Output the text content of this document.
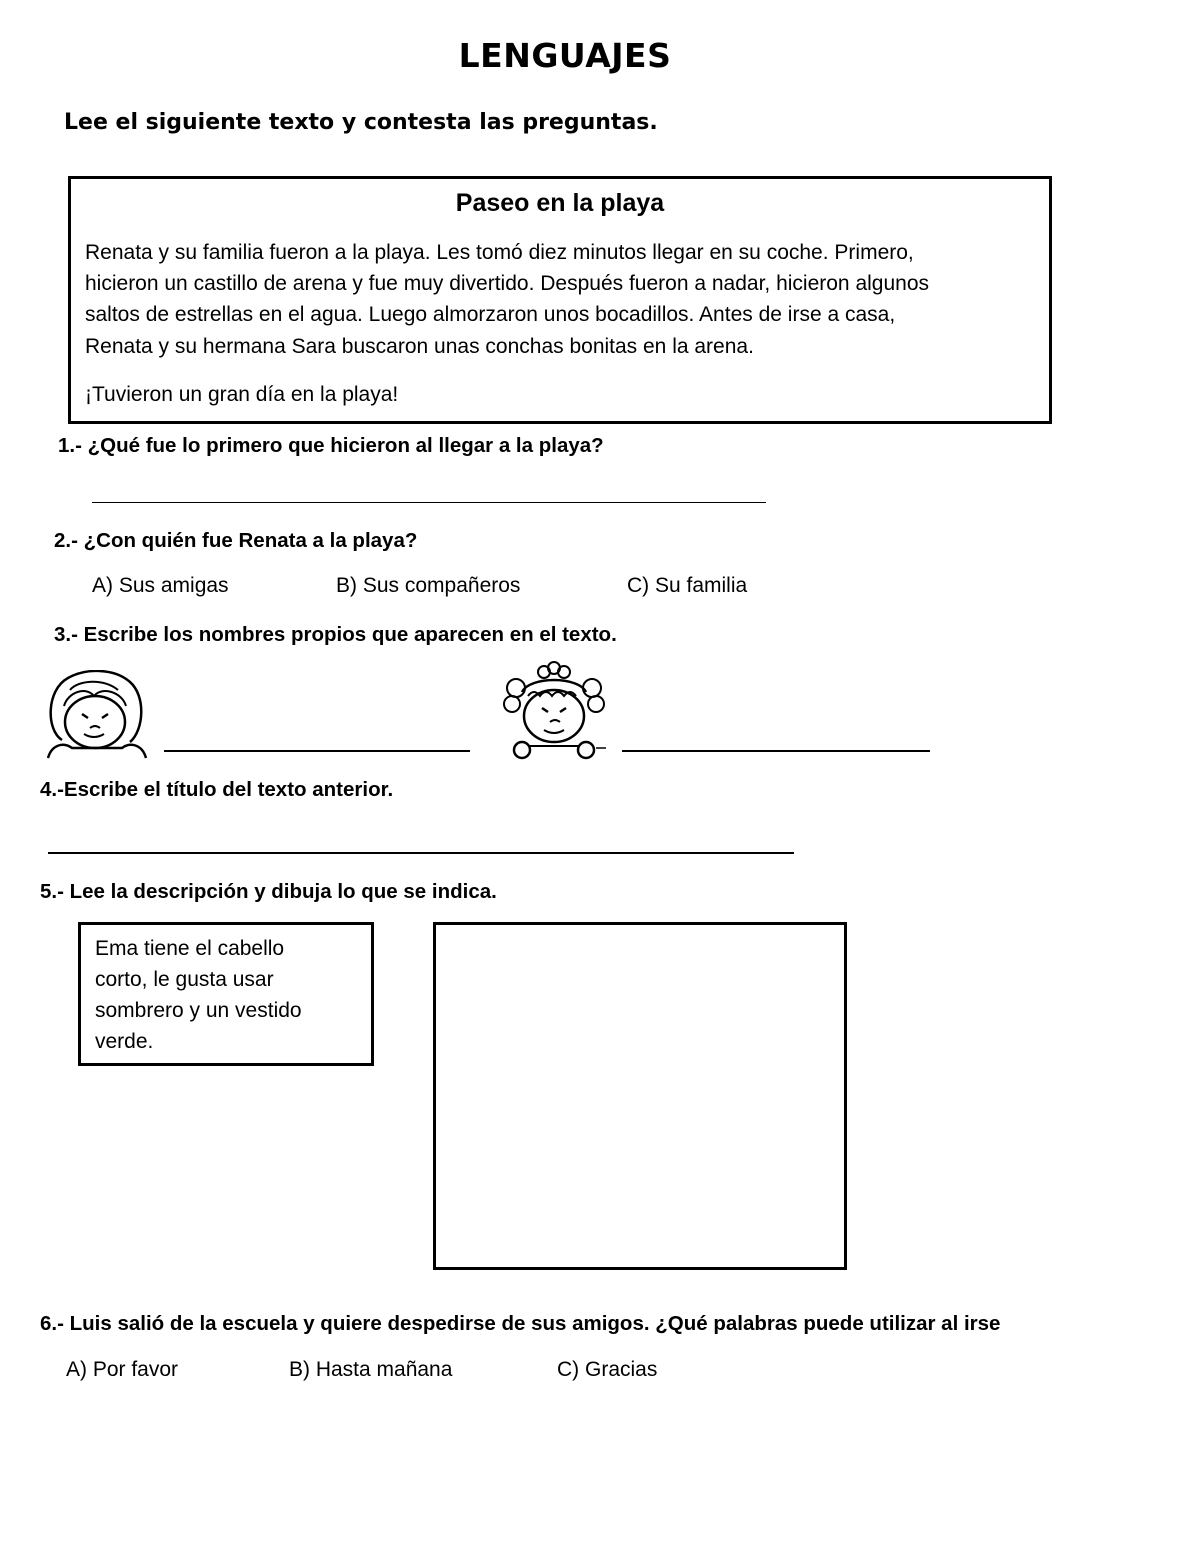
LENGUAJES
Lee el siguiente texto y contesta las preguntas.
Paseo en la playa
Renata y su familia fueron a la playa. Les tomó diez minutos llegar en su coche. Primero,
hicieron un castillo de arena y fue muy divertido. Después fueron a nadar, hicieron algunos
saltos de estrellas en el agua. Luego almorzaron unos bocadillos. Antes de irse a casa,
Renata y su hermana Sara buscaron unas conchas bonitas en la arena.
¡Tuvieron un gran día en la playa!
1.- ¿Qué fue lo primero que hicieron al llegar a la playa?
2.- ¿Con quién fue Renata a la playa?
A) Sus amigas	B) Sus compañeros	C) Su familia
3.- Escribe los nombres propios que aparecen en el texto.
4.-Escribe el título del texto anterior.
5.- Lee la descripción y dibuja lo que se indica.
Ema tiene el cabello
corto, le gusta usar
sombrero y un vestido
verde.
6.- Luis salió de la escuela y quiere despedirse de sus amigos. ¿Qué palabras puede utilizar al irse
A) Por favor	B) Hasta mañana	C) Gracias
